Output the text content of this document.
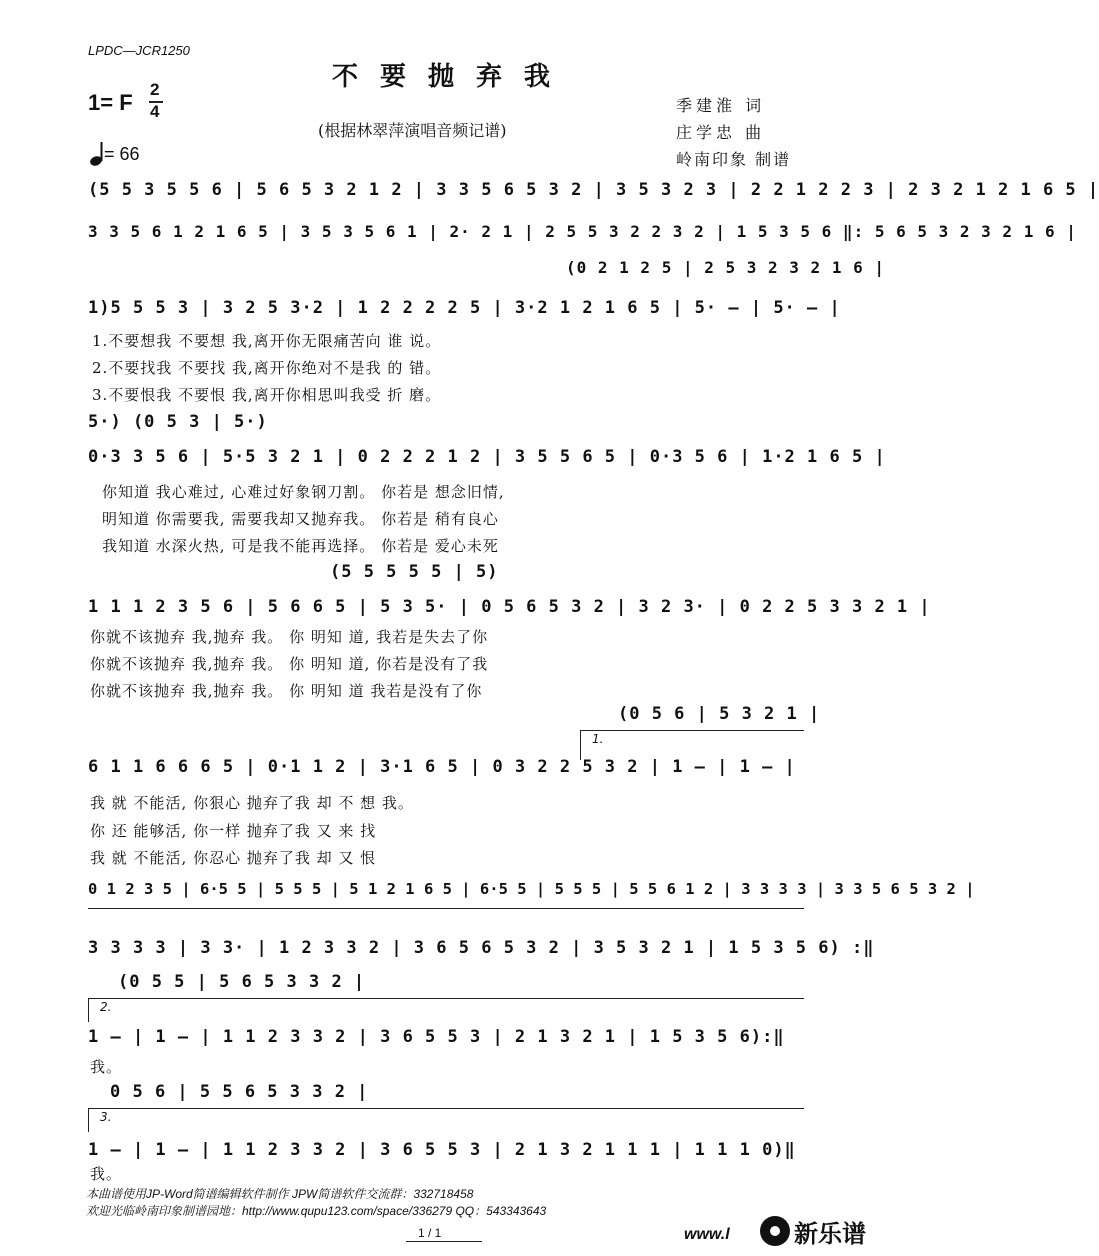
LPDC—JCR1250
不要抛弃我
1= F
2
4
(根据林翠萍演唱音频记谱)
= 66
季建淮 词
庄学忠 曲
岭南印象 制谱
(5 5 3 5 5 6 | 5 6 5 3 2 1 2 | 3 3 5 6 5 3 2 | 3 5 3 2 3 | 2 2 1 2 2 3 | 2 3 2 1 2 1 6 5 |
3 3 5 6 1 2 1 6 5 | 3 5 3 5 6 1 | 2· 2 1 | 2 5 5 3 2 2 3 2 | 1 5 3 5 6 ‖: 5 6 5 3 2 3 2 1 6 |
(0 2 1 2 5 | 2 5 3 2 3 2 1 6 |
1)5 5 5 3 | 3 2 5 3·2 | 1 2 2 2 2 5 | 3·2 1 2 1 6 5 | 5· — | 5· — |
1.不要想我 不要想 我,离开你无限痛苦向 谁 说。
2.不要找我 不要找 我,离开你绝对不是我 的 错。
3.不要恨我 不要恨 我,离开你相思叫我受 折 磨。
5·) (0 5 3 | 5·)
0·3 3 5 6 | 5·5 3 2 1 | 0 2 2 2 1 2 | 3 5 5 6 5 | 0·3 5 6 | 1·2 1 6 5 |
你知道 我心难过, 心难过好象钢刀割。 你若是 想念旧情,
明知道 你需要我, 需要我却又抛弃我。 你若是 稍有良心
我知道 水深火热, 可是我不能再选择。 你若是 爱心未死
(5 5 5 5 5 | 5)
1 1 1 2 3 5 6 | 5 6 6 5 | 5 3 5· | 0 5 6 5 3 2 | 3 2 3· | 0 2 2 5 3 3 2 1 |
你就不该抛弃 我,抛弃 我。 你 明知 道, 我若是失去了你
你就不该抛弃 我,抛弃 我。 你 明知 道, 你若是没有了我
你就不该抛弃 我,抛弃 我。 你 明知 道 我若是没有了你
(0 5 6 | 5 3 2 1 |
1.
6 1 1 6 6 6 5 | 0·1 1 2 | 3·1 6 5 | 0 3 2 2 5 3 2 | 1 — | 1 — |
我 就 不能活, 你狠心 抛弃了我 却 不 想 我。
你 还 能够活, 你一样 抛弃了我 又 来 找
我 就 不能活, 你忍心 抛弃了我 却 又 恨
0 1 2 3 5 | 6·5 5 | 5 5 5 | 5 1 2 1 6 5 | 6·5 5 | 5 5 5 | 5 5 6 1 2 | 3 3 3 3 | 3 3 5 6 5 3 2 |
3 3 3 3 | 3 3· | 1 2 3 3 2 | 3 6 5 6 5 3 2 | 3 5 3 2 1 | 1 5 3 5 6) :‖
(0 5 5 | 5 6 5 3 3 2 |
2.
1 — | 1 — | 1 1 2 3 3 2 | 3 6 5 5 3 | 2 1 3 2 1 | 1 5 3 5 6):‖
我。
0 5 6 | 5 5 6 5 3 3 2 |
3.
1 — | 1 — | 1 1 2 3 3 2 | 3 6 5 5 3 | 2 1 3 2 1 1 1 | 1 1 1 0)‖
我。
本曲谱使用JP-Word简谱编辑软件制作 JPW简谱软件交流群：332718458
欢迎光临岭南印象制谱园地：http://www.qupu123.com/space/336279 QQ：543343643
1 / 1	www.l	新乐谱
